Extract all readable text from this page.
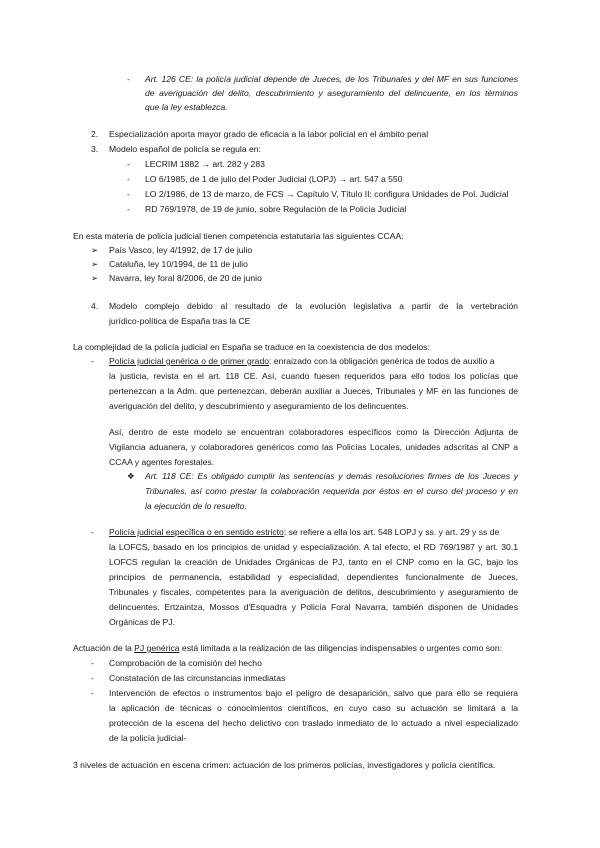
- Art. 126 CE: la policía judicial depende de Jueces, de los Tribunales y del MF en sus funciones
de averiguación del delito, descubrimiento y aseguramiento del delincuente, en los términos
que la ley establezca.
2. Especialización aporta mayor grado de eficacia a la labor policial en el ámbito penal
3. Modelo español de policía se regula en:
- LECRIM 1882 → art. 282 y 283
- LO 6/1985, de 1 de julio del Poder Judicial (LOPJ) → art. 547 a 550
- LO 2/1986, de 13 de marzo, de FCS → Capítulo V, Título II: configura Unidades de Pol. Judicial
- RD 769/1978, de 19 de junio, sobre Regulación de la Policía Judicial
En esta materia de policía judicial tienen competencia estatutaria las siguientes CCAA:
➢ País Vasco, ley 4/1992, de 17 de julio
➢ Cataluña, ley 10/1994, de 11 de julio
➢ Navarra, ley foral 8/2006, de 20 de junio
4. Modelo complejo debido al resultado de la evolución legislativa a partir de la vertebración
jurídico-política de España tras la CE
La complejidad de la policía judicial en España se traduce en la coexistencia de dos modelos:
- Policía judicial genérica o de primer grado: enraizado con la obligación genérica de todos de auxilio a
la justicia, revista en el art. 118 CE. Así, cuando fuesen requeridos para ello todos los policías que
pertenezcan a la Adm. que pertenezcan, deberán auxiliar a Jueces, Tribunales y MF en las funciones de
averiguación del delito, y descubrimiento y aseguramiento de los delincuentes.
Así, dentro de este modelo se encuentran colaboradores específicos como la Dirección Adjunta de
Vigilancia aduanera, y colaboradores genéricos como las Policías Locales, unidades adscritas al CNP a
CCAA y agentes forestales.
❖ Art. 118 CE: Es obligado cumplir las sentencias y demás resoluciones firmes de los Jueces y
Tribunales, así como prestar la colaboración requerida por éstos en el curso del proceso y en
la ejecución de lo resuelto.
- Policía judicial específica o en sentido estricto: se refiere a ella los art. 548 LOPJ y ss. y art. 29 y ss de
la LOFCS, basado en los principios de unidad y especialización. A tal efecto, el RD 769/1987 y art. 30.1
LOFCS regulan la creación de Unidades Orgánicas de PJ, tanto en el CNP como en la GC, bajo los
principios de permanencia, estabilidad y especialidad, dependientes funcionalmente de Jueces,
Tribunales y fiscales, competentes para la averiguación de delitos, descubrimiento y aseguramiento de
delincuentes. Ertzaintza, Mossos d'Esquadra y Policía Foral Navarra, también disponen de Unidades
Orgánicas de PJ.
Actuación de la PJ genérica está limitada a la realización de las diligencias indispensables o urgentes como son:
- Comprobación de la comisión del hecho
- Constatación de las circunstancias inmediatas
- Intervención de efectos o instrumentos bajo el peligro de desaparición, salvo que para ello se requiera
la aplicación de técnicas o conocimientos científicos, en cuyo caso su actuación se limitará a la
protección de la escena del hecho delictivo con traslado inmediato de lo actuado a nivel especializado
de la policía judicial-
3 niveles de actuación en escena crimen: actuación de los primeros policías, investigadores y policía científica.
